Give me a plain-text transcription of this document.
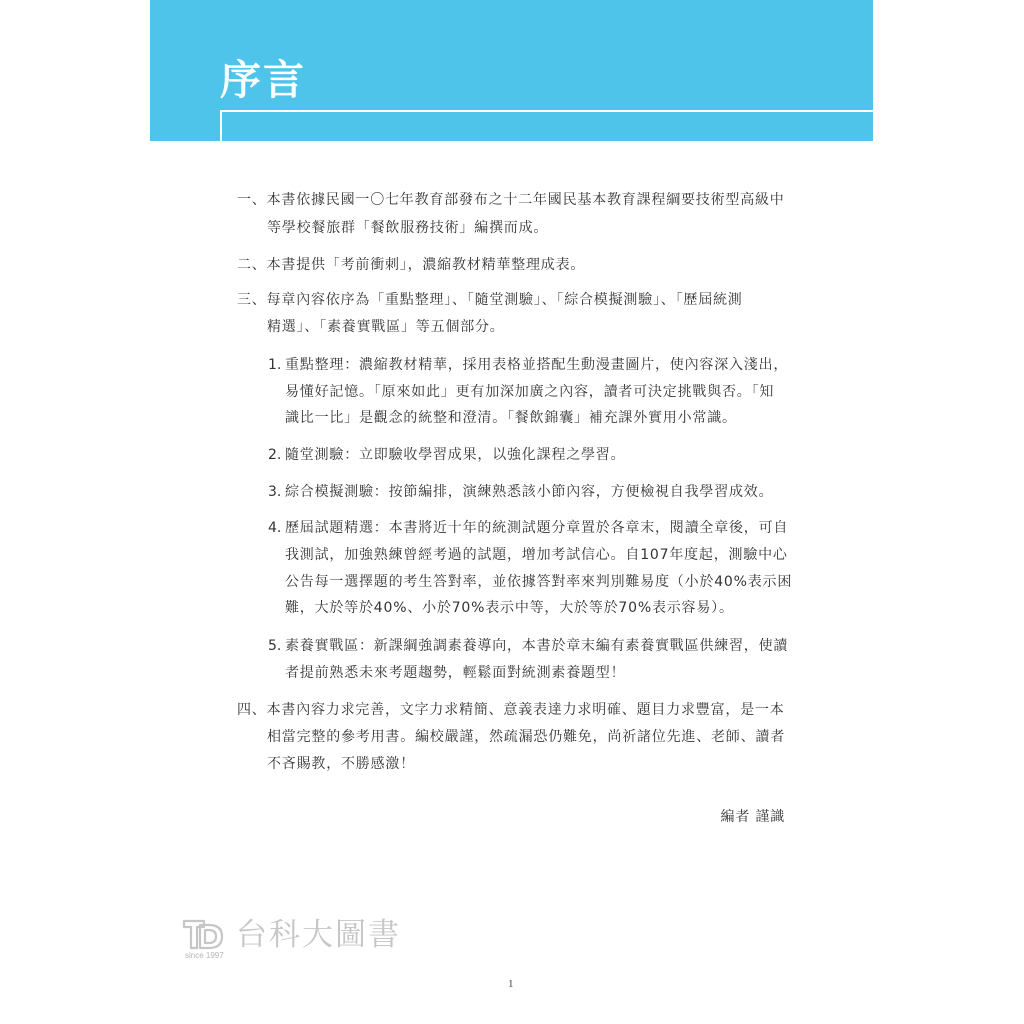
序言
一、本書依據民國一〇七年教育部發布之十二年國民基本教育課程綱要技術型高級中
等學校餐旅群「餐飲服務技術」編撰而成。
二、本書提供「考前衝刺」，濃縮教材精華整理成表。
三、每章內容依序為「重點整理」、「隨堂測驗」、「綜合模擬測驗」、「歷屆統測
精選」、「素養實戰區」等五個部分。
1. 重點整理：濃縮教材精華，採用表格並搭配生動漫畫圖片，使內容深入淺出，
易懂好記憶。「原來如此」更有加深加廣之內容，讀者可決定挑戰與否。「知
識比一比」是觀念的統整和澄清。「餐飲錦囊」補充課外實用小常識。
2. 隨堂測驗：立即驗收學習成果，以強化課程之學習。
3. 綜合模擬測驗：按節編排，演練熟悉該小節內容，方便檢視自我學習成效。
4. 歷屆試題精選：本書將近十年的統測試題分章置於各章末，閱讀全章後，可自
我測試，加強熟練曾經考過的試題，增加考試信心。自107年度起，測驗中心
公告每一選擇題的考生答對率，並依據答對率來判別難易度（小於40%表示困
難，大於等於40%、小於70%表示中等，大於等於70%表示容易）。
5. 素養實戰區：新課綱強調素養導向，本書於章末編有素養實戰區供練習，使讀
者提前熟悉未來考題趨勢，輕鬆面對統測素養題型！
四、本書內容力求完善，文字力求精簡、意義表達力求明確、題目力求豐富，是一本
相當完整的參考用書。編校嚴謹，然疏漏恐仍難免，尚祈諸位先進、老師、讀者
不吝賜教，不勝感激！
編者 謹識
台科大圖書
since 1997
1
